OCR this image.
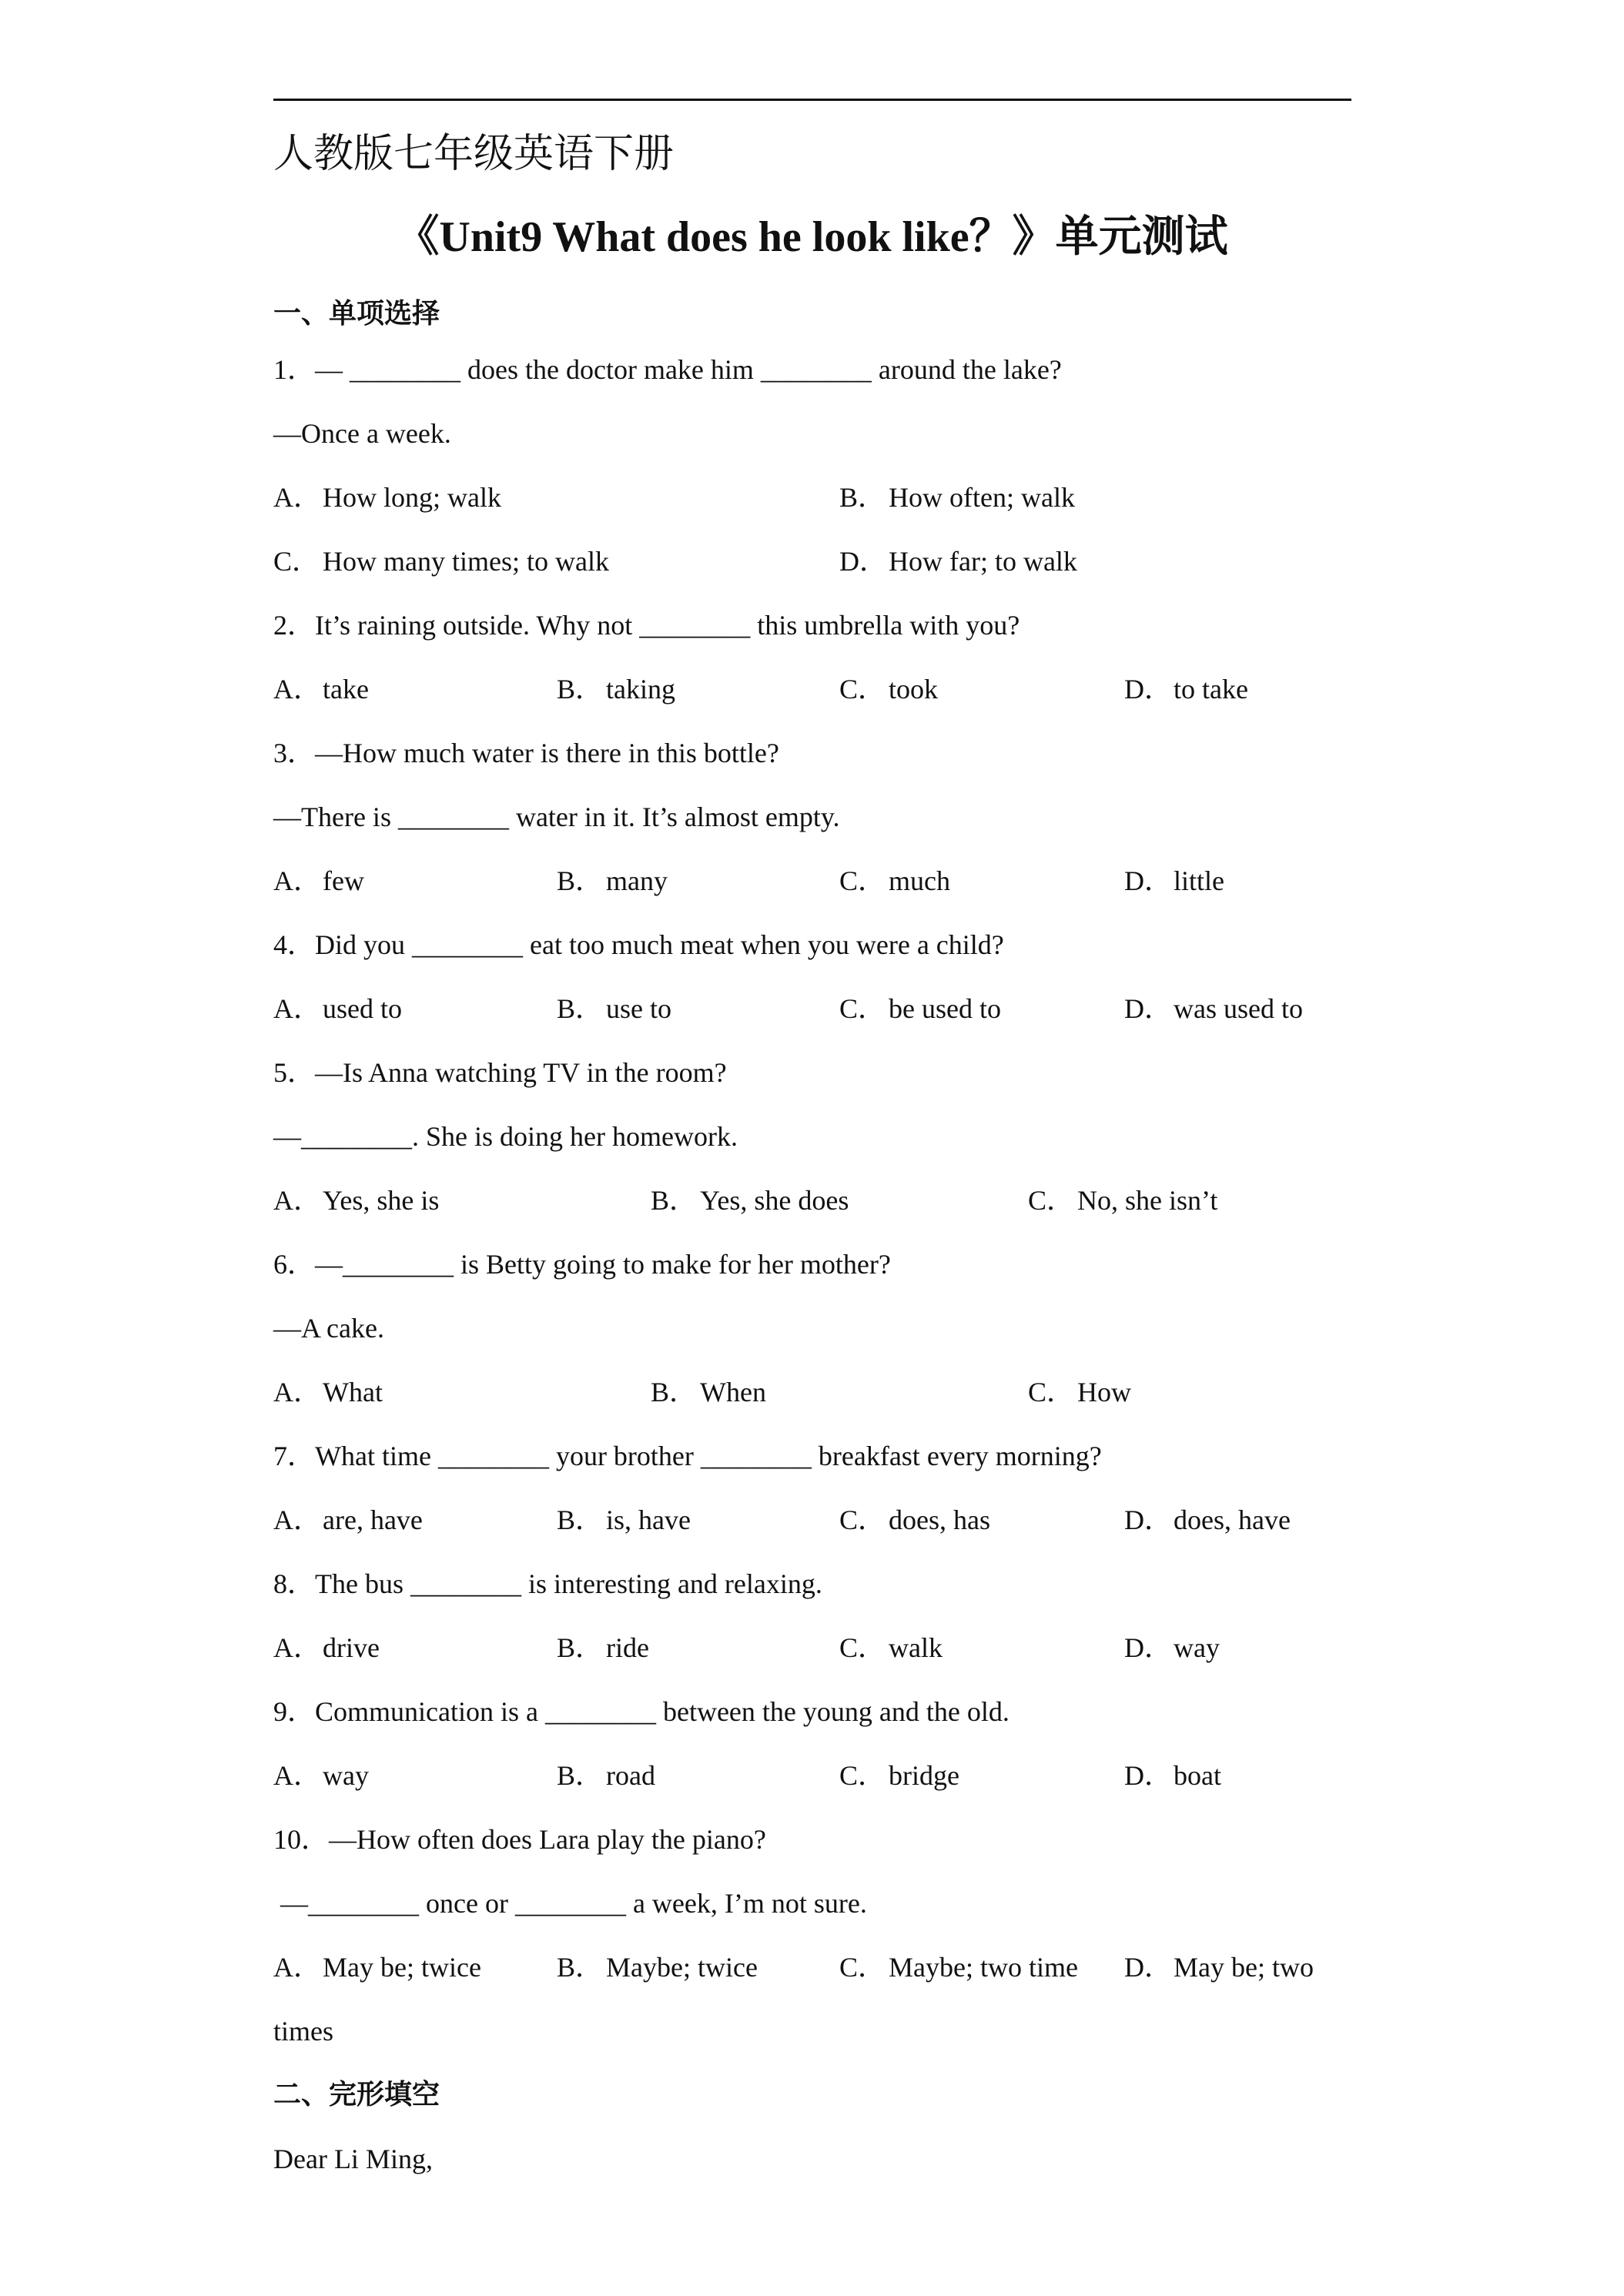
人教版七年级英语下册
《Unit9 What does he look like？》单元测试
一、单项选择
1．— ________ does the doctor make him ________ around the lake?
—Once a week.
A．How long; walk	B． How often; walk
C． How many times; to walk	D．How far; to walk
2．It’s raining outside. Why not ________ this umbrella with you?
A．take	B． taking	C． took	D．to take
3．—How much water is there in this bottle?
—There is ________ water in it. It’s almost empty.
A．few	B． many	C． much	D．little
4．Did you ________ eat too much meat when you were a child?
A．used to	B． use to	C． be used to	D．was used to
5．—Is Anna watching TV in the room?
—________. She is doing her homework.
A．Yes, she is	B． Yes, she does	C． No, she isn’t
6．—________ is Betty going to make for her mother?
—A cake.
A．What	B． When	C． How
7．What time ________ your brother ________ breakfast every morning?
A．are, have	B． is, have	C． does, has	D．does, have
8．The bus ________ is interesting and relaxing.
A．drive	B． ride	C． walk	D．way
9．Communication is a ________ between the young and the old.
A．way	B． road	C． bridge	D．boat
10．—How often does Lara play the piano?
—________ once or ________ a week, I’m not sure.
A．May be; twice	B． Maybe; twice	C． Maybe; two time D．May be; two
times
二、完形填空
Dear Li Ming,
